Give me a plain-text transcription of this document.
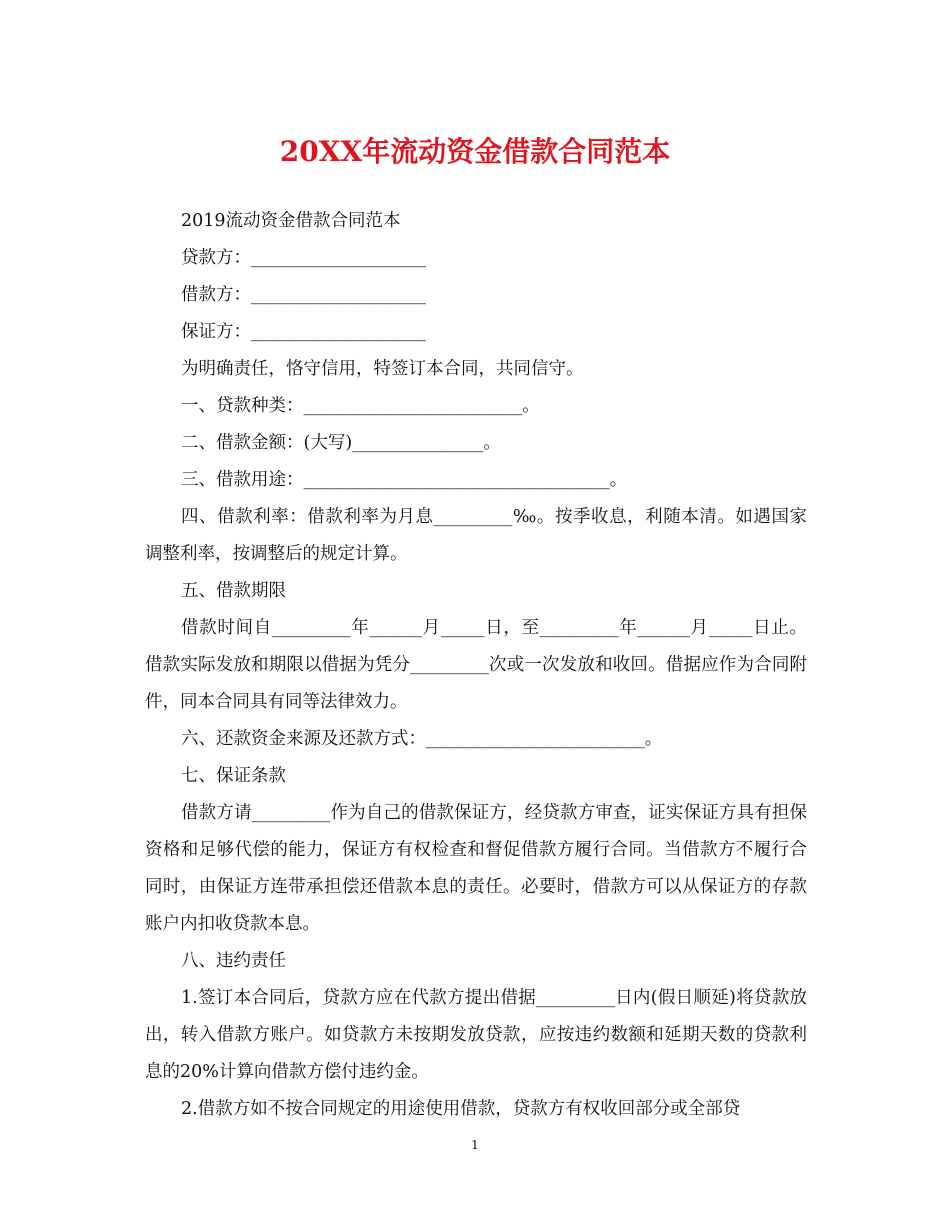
20XX年流动资金借款合同范本

2019流动资金借款合同范本

贷款方：____________________

借款方：____________________

保证方：____________________

为明确责任，恪守信用，特签订本合同，共同信守。

一、贷款种类：_________________________。

二、借款金额：(大写)_______________。

三、借款用途：___________________________________。

四、借款利率：借款利率为月息_________‰。按季收息，利随本清。如遇国家调整利率，按调整后的规定计算。

五、借款期限

借款时间自_________年______月_____日，至_________年______月_____日止。借款实际发放和期限以借据为凭分_________次或一次发放和收回。借据应作为合同附件，同本合同具有同等法律效力。

六、还款资金来源及还款方式：_________________________。

七、保证条款

借款方请_________作为自己的借款保证方，经贷款方审查，证实保证方具有担保资格和足够代偿的能力，保证方有权检查和督促借款方履行合同。当借款方不履行合同时，由保证方连带承担偿还借款本息的责任。必要时，借款方可以从保证方的存款账户内扣收贷款本息。

八、违约责任

1.签订本合同后，贷款方应在代款方提出借据_________日内(假日顺延)将贷款放出，转入借款方账户。如贷款方未按期发放贷款，应按违约数额和延期天数的贷款利息的20%计算向借款方偿付违约金。

2.借款方如不按合同规定的用途使用借款，贷款方有权收回部分或全部贷

1
